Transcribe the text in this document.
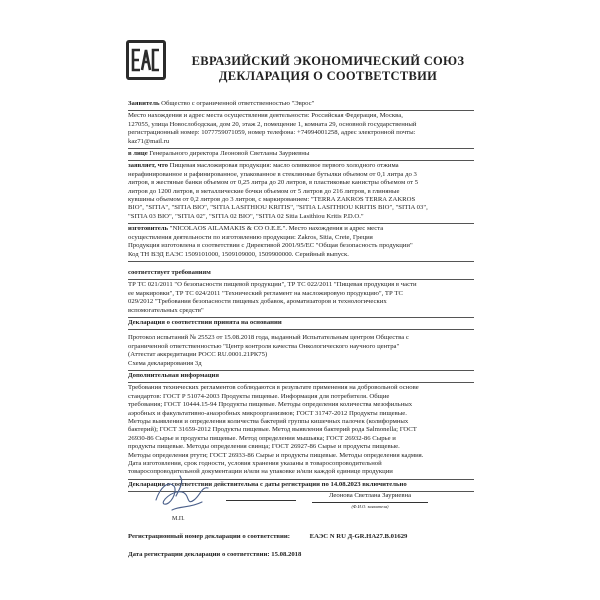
ЕВРАЗИЙСКИЙ ЭКОНОМИЧЕСКИЙ СОЮЗ
ДЕКЛАРАЦИЯ О СООТВЕТСТВИИ

Заявитель Общество с ограниченной ответственностью "Эврос"

Место нахождения и адрес места осуществления деятельности: Российская Федерация, Москва,

127055, улица Новослободская, дом 20, этаж 2, помещение 1, комната 29, основной государственный

регистрационный номер: 1077759071059, номер телефона: +74994001258, адрес электронной почты:

kaz71@mail.ru

в лице Генерального директора Леоновой Светланы Зауриевны

заявляет, что Пищевая масложировая продукция: масло оливковое первого холодного отжима

нерафинированное и рафинированное, упакованное в стеклянные бутылки объемом от 0,1 литра до 3

литров, в жестяные банки объемом от 0,25 литра до 20 литров, в пластиковые канистры объемом от 5

литров до 1200 литров, в металлические бочки объемом от 5 литров до 216 литров, в глиняные

кувшины объемом от 0,2 литров до 3 литров, с маркированием: "TERRA ZAKROS TERRA ZAKROS

BIO", "SITIA", "SITIA BIO", "SITIA LASITHIOU KRITIS", "SITIA LASITHIOU KRITIS BIO", "SITIA 03",

"SITIA 03 BIO", "SITIA 02", "SITIA 02 BIO", "SITIA 02 Sitia Lasithiou Kritis P.D.O."

изготовитель "NICOLAOS AILAMAKIS & CO O.E.E.". Место нахождения и адрес места

осуществления деятельности по изготовлению продукции: Zakros, Sitia, Crete, Греция

Продукция изготовлена в соответствии с Директивой 2001/95/ЕС "Общая безопасность продукции"

Код ТН ВЭД ЕАЭС 1509101000, 1509109000, 1509900000. Серийный выпуск.

соответствует требованиям

ТР ТС 021/2011 "О безопасности пищевой продукции", ТР ТС 022/2011 "Пищевая продукция в части

ее маркировки", ТР ТС 024/2011 "Технический регламент на масложировую продукцию", ТР ТС

029/2012 "Требования безопасности пищевых добавок, ароматизаторов и технологических

вспомогательных средств"

Декларация о соответствии принята на основании

Протокол испытаний № 25523 от 15.08.2018 года, выданный Испытательным центром Общества с

ограниченной ответственностью "Центр контроля качества Онкологического научного центра"

(Аттестат аккредитации РОСС RU.0001.21РК75)

Схема декларирования 3д

Дополнительная информация

Требования технических регламентов соблюдаются в результате применения на добровольной основе

стандартов: ГОСТ Р 51074-2003 Продукты пищевые. Информация для потребителя. Общие

требования; ГОСТ 10444.15-94 Продукты пищевые. Методы определения количества мезофильных

аэробных и факультативно-анаэробных микроорганизмов; ГОСТ 31747-2012 Продукты пищевые.

Методы выявления и определения количества бактерий группы кишечных палочек (колиформных

бактерий); ГОСТ 31659-2012 Продукты пищевые. Метод выявления бактерий рода Salmonella; ГОСТ

26930-86 Сырье и продукты пищевые. Метод определения мышьяка; ГОСТ 26932-86 Сырье и

продукты пищевые. Методы определения свинца; ГОСТ 26927-86 Сырье и продукты пищевые.

Методы определения ртути; ГОСТ 26933-86 Сырье и продукты пищевые. Методы определения кадмия.

Дата изготовления, срок годности, условия хранения указаны в товаросопроводительной

товаросопроводительной документации и/или на упаковке и/или каждой единице продукции

Декларация о соответствии действительна с даты регистрации по 14.08.2023 включительно

М.П.
Леонова Светлана Зауриевна
(Ф.И.О. заявителя)
Регистрационный номер декларации о соответствии:	ЕАЭС N RU Д-GR.HA27.B.01629
Дата регистрации декларации о соответствии: 15.08.2018
